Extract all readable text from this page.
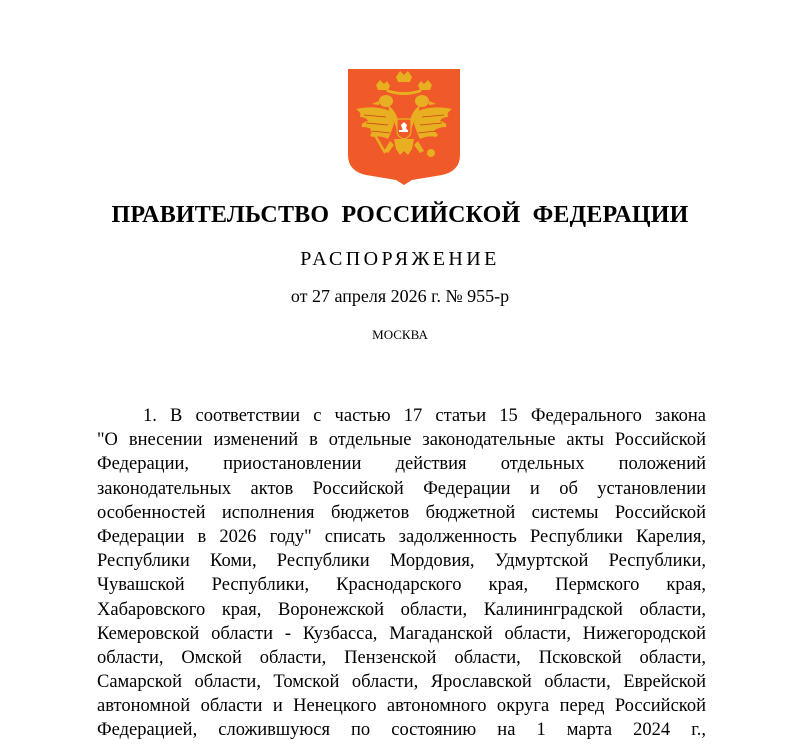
ПРАВИТЕЛЬСТВО РОССИЙСКОЙ ФЕДЕРАЦИИ
РАСПОРЯЖЕНИЕ
от 27 апреля 2026 г. № 955-р
МОСКВА
1. В соответствии с частью 17 статьи 15 Федерального закона
"О внесении изменений в отдельные законодательные акты Российской
Федерации, приостановлении действия отдельных положений
законодательных актов Российской Федерации и об установлении
особенностей исполнения бюджетов бюджетной системы Российской
Федерации в 2026 году" списать задолженность Республики Карелия,
Республики Коми, Республики Мордовия, Удмуртской Республики,
Чувашской Республики, Краснодарского края, Пермского края,
Хабаровского края, Воронежской области, Калининградской области,
Кемеровской области - Кузбасса, Магаданской области, Нижегородской
области, Омской области, Пензенской области, Псковской области,
Самарской области, Томской области, Ярославской области, Еврейской
автономной области и Ненецкого автономного округа перед Российской
Федерацией, сложившуюся по состоянию на 1 марта 2024 г.,
